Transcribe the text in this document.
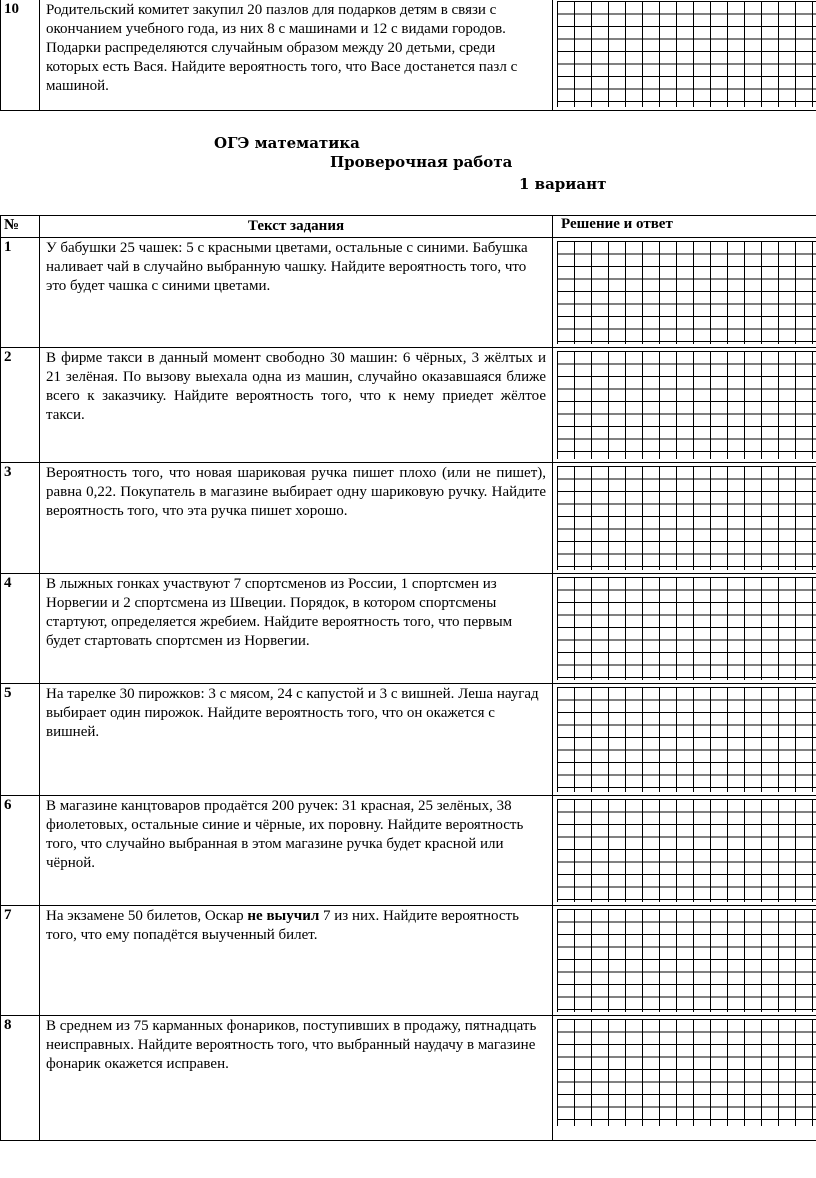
10	Родительский комитет закупил 20 пазлов для подарков детям в связи с окончанием учебного года, из них 8 с машинами и 12 с видами городов. Подарки распределяются случайным образом между 20 детьми, среди которых есть Вася. Найдите вероятность того, что Васе достанется пазл с машиной.	
ОГЭ математика
Проверочная работа
1 вариант
№	Текст задания	Решение и ответ
1	У бабушки 25 чашек: 5 с красными цветами, остальные с синими. Бабушка наливает чай в случайно выбранную чашку. Найдите вероятность того, что это будет чашка с синими цветами.	

2	В фирме такси в данный момент свободно 30 машин: 6 чёрных, 3 жёлтых и 21 зелёная. По вызову выехала одна из машин, случайно оказавшаяся ближе всего к заказчику. Найдите вероятность того, что к нему приедет жёлтое такси.	

3	Вероятность того, что новая шариковая ручка пишет плохо (или не пишет), равна 0,22. Покупатель в магазине выбирает одну шариковую ручку. Найдите вероятность того, что эта ручка пишет хорошо.	

4	В лыжных гонках участвуют 7 спортсменов из России, 1 спортсмен из Норвегии и 2 спортсмена из Швеции. Порядок, в котором спортсмены стартуют, определяется жребием. Найдите вероятность того, что первым будет стартовать спортсмен из Норвегии.	

5	На тарелке 30 пирожков: 3 с мясом, 24 с капустой и 3 с вишней. Леша наугад выбирает один пирожок. Найдите вероятность того, что он окажется с вишней.	

6	В магазине канцтоваров продаётся 200 ручек: 31 красная, 25 зелёных, 38 фиолетовых, остальные синие и чёрные, их поровну. Найдите вероятность того, что случайно выбранная в этом магазине ручка будет красной или чёрной.	

7	На экзамене 50 билетов, Оскар не выучил 7 из них. Найдите вероятность того, что ему попадётся выученный билет.	

8	В среднем из 75 карманных фонариков, поступивших в продажу, пятнадцать неисправных. Найдите вероятность того, что выбранный наудачу в магазине фонарик окажется исправен.	
